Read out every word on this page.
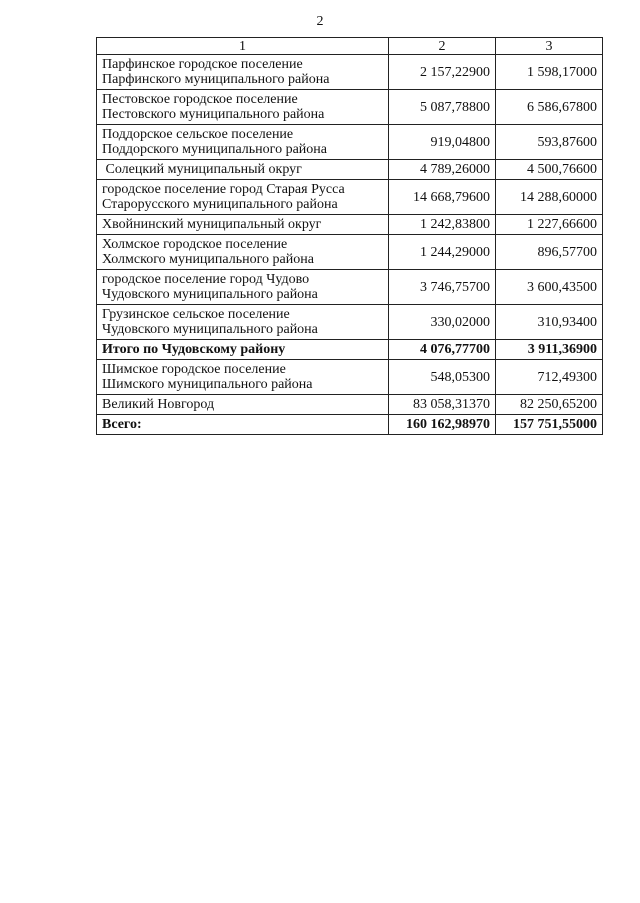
2
1	2	3

Парфинское городское поселение
Парфинского муниципального района	2 157,22900	1 598,17000

Пестовское городское поселение
Пестовского муниципального района	5 087,78800	6 586,67800

Поддорское сельское поселение
Поддорского муниципального района	919,04800	593,87600

Солецкий муниципальный округ	4 789,26000	4 500,76600

городское поселение город Старая Русса
Старорусского муниципального района	14 668,79600	14 288,60000

Хвойнинский муниципальный округ	1 242,83800	1 227,66600

Холмское городское поселение
Холмского муниципального района	1 244,29000	896,57700

городское поселение город Чудово
Чудовского муниципального района	3 746,75700	3 600,43500

Грузинское сельское поселение
Чудовского муниципального района	330,02000	310,93400

Итого по Чудовскому району	4 076,77700	3 911,36900

Шимское городское поселение
Шимского муниципального района	548,05300	712,49300

Великий Новгород	83 058,31370	82 250,65200

Всего:	160 162,98970	157 751,55000
